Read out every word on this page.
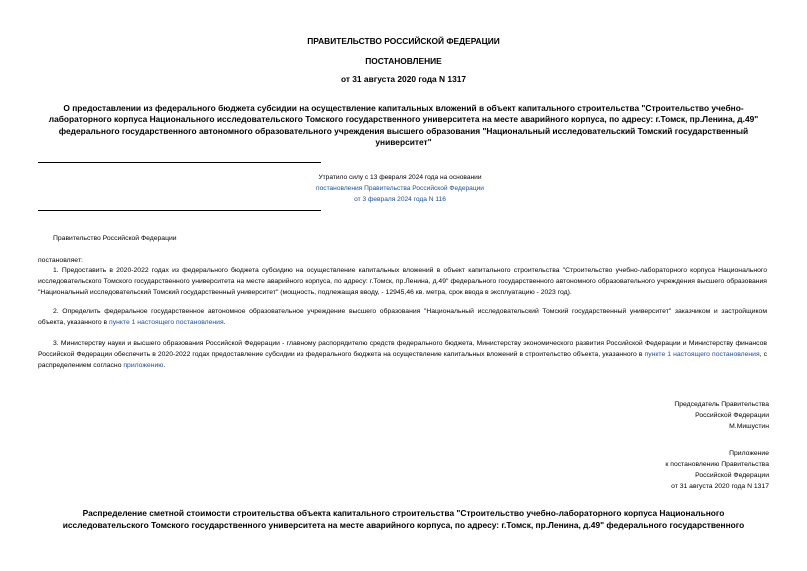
ПРАВИТЕЛЬСТВО РОССИЙСКОЙ ФЕДЕРАЦИИ
ПОСТАНОВЛЕНИЕ
от 31 августа 2020 года N 1317
О предоставлении из федерального бюджета субсидии на осуществление капитальных вложений в объект капитального строительства "Строительство учебно-лабораторного корпуса Национального исследовательского Томского государственного университета на месте аварийного корпуса, по адресу: г.Томск, пр.Ленина, д.49" федерального государственного автономного образовательного учреждения высшего образования "Национальный исследовательский Томский государственный университет"
Утратило силу с 13 февраля 2024 года на основании
постановления Правительства Российской Федерации
от 3 февраля 2024 года N 116
Правительство Российской Федерации
постановляет:
1. Предоставить в 2020-2022 годах из федерального бюджета субсидию на осуществление капитальных вложений в объект капитального строительства "Строительство учебно-лабораторного корпуса Национального исследовательского Томского государственного университета на месте аварийного корпуса, по адресу: г.Томск, пр.Ленина, д.49" федерального государственного автономного образовательного учреждения высшего образования "Национальный исследовательский Томский государственный университет" (мощность, подлежащая вводу, - 12945,46 кв. метра, срок ввода в эксплуатацию - 2023 год).
2. Определить федеральное государственное автономное образовательное учреждение высшего образования "Национальный исследовательский Томский государственный университет" заказчиком и застройщиком объекта, указанного в пункте 1 настоящего постановления.
3. Министерству науки и высшего образования Российской Федерации - главному распорядителю средств федерального бюджета, Министерству экономического развития Российской Федерации и Министерству финансов Российской Федерации обеспечить в 2020-2022 годах предоставление субсидии из федерального бюджета на осуществление капитальных вложений в строительство объекта, указанного в пункте 1 настоящего постановления, с распределением согласно приложению.
Председатель Правительства
Российской Федерации
М.Мишустин
Приложение
к постановлению Правительства
Российской Федерации
от 31 августа 2020 года N 1317
Распределение сметной стоимости строительства объекта капитального строительства "Строительство учебно-лабораторного корпуса Национального исследовательского Томского государственного университета на месте аварийного корпуса, по адресу: г.Томск, пр.Ленина, д.49" федерального государственного
